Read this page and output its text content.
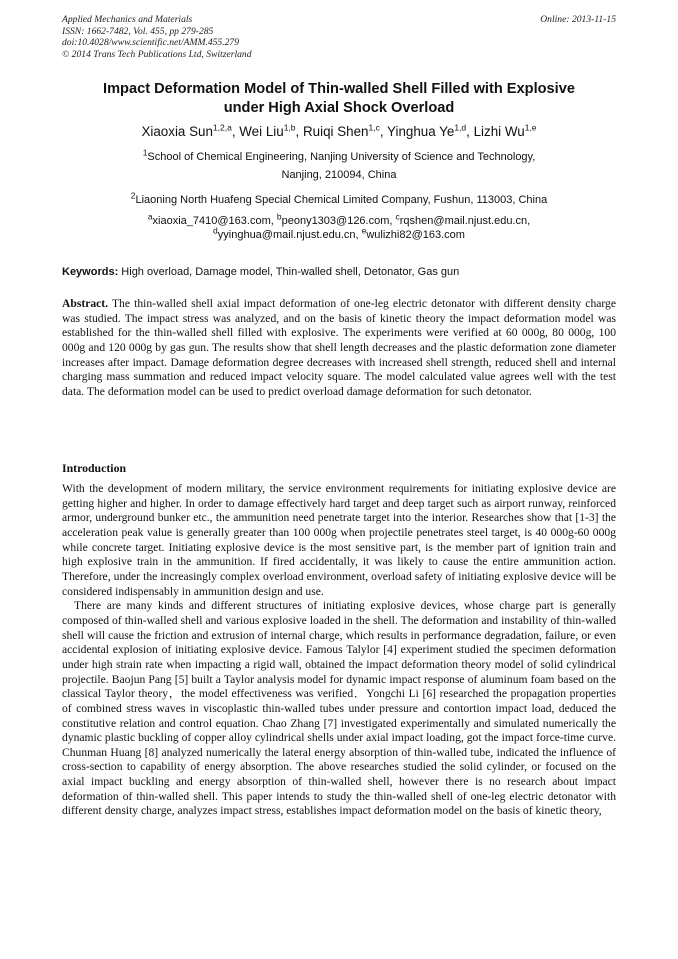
Applied Mechanics and Materials
ISSN: 1662-7482, Vol. 455, pp 279-285
doi:10.4028/www.scientific.net/AMM.455.279
© 2014 Trans Tech Publications Ltd, Switzerland
Online: 2013-11-15
Impact Deformation Model of Thin-walled Shell Filled with Explosive
under High Axial Shock Overload
Xiaoxia Sun$^{1,2,a}$, Wei Liu$^{1,b}$, Ruiqi Shen$^{1,c}$, Yinghua Ye$^{1,d}$, Lizhi Wu$^{1,e}$
$^1$School of Chemical Engineering, Nanjing University of Science and Technology,
Nanjing, 210094, China
$^2$Liaoning North Huafeng Special Chemical Limited Company, Fushun, 113003, China
$^a$xiaoxia_7410@163.com, $^b$peony1303@126.com, $^c$rqshen@mail.njust.edu.cn,
$^d$yyinghua@mail.njust.edu.cn, $^e$wulizhi82@163.com
Keywords: High overload, Damage model, Thin-walled shell, Detonator, Gas gun
Abstract. The thin-walled shell axial impact deformation of one-leg electric detonator with different density charge was studied. The impact stress was analyzed, and on the basis of kinetic theory the impact deformation model was established for the thin-walled shell filled with explosive. The experiments were verified at 60 000g, 80 000g, 100 000g and 120 000g by gas gun. The results show that shell length decreases and the plastic deformation zone diameter increases after impact. Damage deformation degree decreases with increased shell strength, reduced shell and internal charging mass summation and reduced impact velocity square. The model calculated value agrees well with the test data. The deformation model can be used to predict overload damage deformation for such detonator.
Introduction

With the development of modern military, the service environment requirements for initiating explosive device are getting higher and higher. In order to damage effectively hard target and deep target such as airport runway, reinforced armor, underground bunker etc., the ammunition need penetrate target into the interior. Researches show that [1-3] the acceleration peak value is generally greater than 100 000g when projectile penetrates steel target, is 40 000g-60 000g while concrete target. Initiating explosive device is the most sensitive part, is the member part of ignition train and high explosive train in the ammunition. If fired accidentally, it was likely to cause the entire ammunition action. Therefore, under the increasingly complex overload environment, overload safety of initiating explosive device will be considered indispensably in ammunition design and use.

There are many kinds and different structures of initiating explosive devices, whose charge part is generally composed of thin-walled shell and various explosive loaded in the shell. The deformation and instability of thin-walled shell will cause the friction and extrusion of internal charge, which results in performance degradation, failure, or even accidental explosion of initiating explosive device. Famous Talylor [4] experiment studied the specimen deformation under high strain rate when impacting a rigid wall, obtained the impact deformation theory model of solid cylindrical projectile. Baojun Pang [5] built a Taylor analysis model for dynamic impact response of aluminum foam based on the classical Taylor theory，the model effectiveness was verified．Yongchi Li [6] researched the propagation properties of combined stress waves in viscoplastic thin-walled tubes under pressure and contortion impact load, deduced the constitutive relation and control equation. Chao Zhang [7] investigated experimentally and simulated numerically the dynamic plastic buckling of copper alloy cylindrical shells under axial impact loading, got the impact force-time curve. Chunman Huang [8] analyzed numerically the lateral energy absorption of thin-walled tube, indicated the influence of cross-section to capability of energy absorption. The above researches studied the solid cylinder, or focused on the axial impact buckling and energy absorption of thin-walled shell, however there is no research about impact deformation of thin-walled shell. This paper intends to study the thin-walled shell of one-leg electric detonator with different density charge, analyzes impact stress, establishes impact deformation model on the basis of kinetic theory,
